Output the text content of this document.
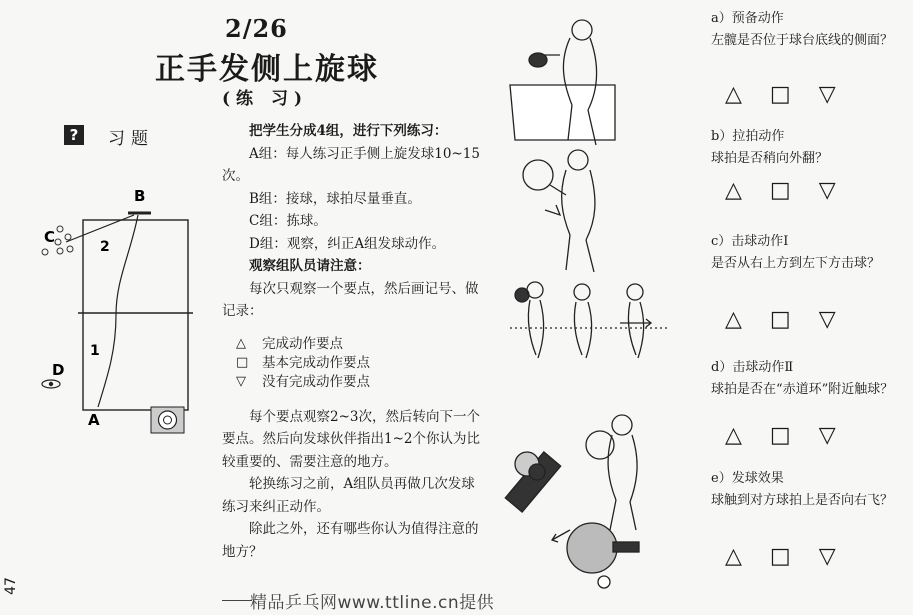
2/26
正手发侧上旋球
(练 习)
?	习题
B
C
2
1
D
A

把学生分成4组，进行下列练习：

A组：每人练习正手侧上旋发球10~15次。

B组：接球，球拍尽量垂直。

C组：拣球。

D组：观察，纠正A组发球动作。

观察组队员请注意：

每次只观察一个要点，然后画记号、做记录：

△	完成动作要点
□	基本完成动作要点
▽	没有完成动作要点

每个要点观察2~3次，然后转向下一个要点。然后向发球伙伴指出1~2个你认为比较重要的、需要注意的地方。

轮换练习之前，A组队员再做几次发球练习来纠正动作。

除此之外，还有哪些你认为值得注意的地方？

a）预备动作
左髋是否位于球台底线的侧面？
△ □ ▽
b）拉拍动作
球拍是否稍向外翻？
△ □ ▽
c）击球动作Ⅰ
是否从右上方到左下方击球？
△ □ ▽
d）击球动作Ⅱ
球拍是否在“赤道环”附近触球？
△ □ ▽
e）发球效果
球触到对方球拍上是否向右飞？
△ □ ▽
47
精品乒乓网www.ttline.cn提供
